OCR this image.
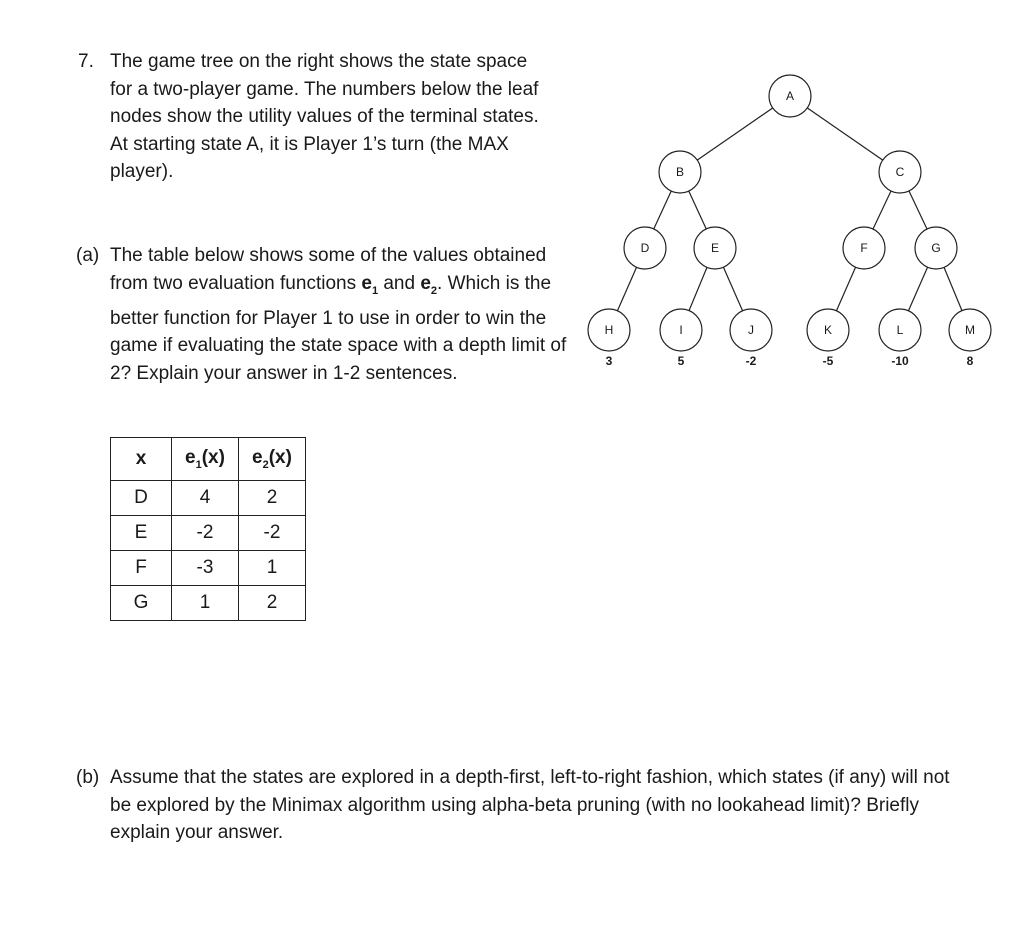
7. The game tree on the right shows the state space for a two-player game. The numbers below the leaf nodes show the utility values of the terminal states. At starting state A, it is Player 1’s turn (the MAX player).
(a) The table below shows some of the values obtained from two evaluation functions $e_1$ and $e_2$. Which is the better function for Player 1 to use in order to win the game if evaluating the state space with a depth limit of 2? Explain your answer in 1-2 sentences.
x	$e_1(x)$	$e_2(x)$
D	4	2
E	-2	-2
F	-3	1
G	1	2
A
B	C
D	E	F	G
H	I	J	K	L	M
3	5	-2	-5	-10	8
(b) Assume that the states are explored in a depth-first, left-to-right fashion, which states (if any) will not be explored by the Minimax algorithm using alpha-beta pruning (with no lookahead limit)? Briefly explain your answer.
